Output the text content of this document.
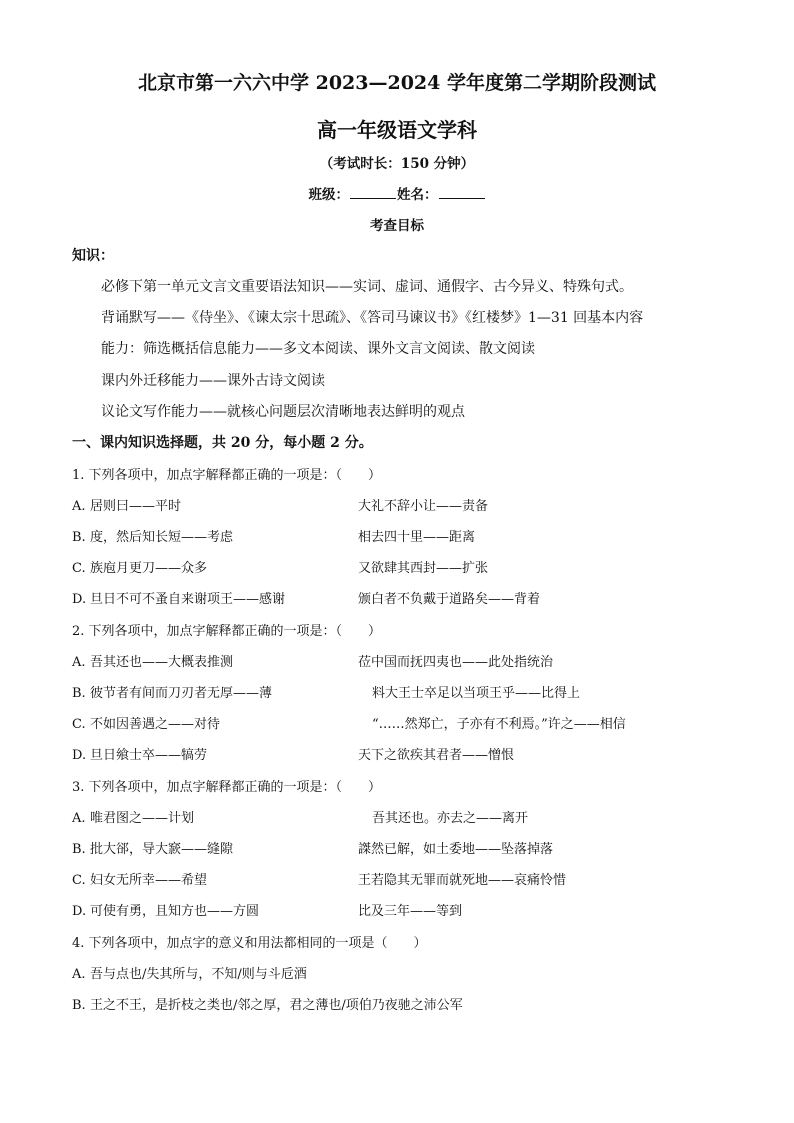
北京市第一六六中学 2023—2024 学年度第二学期阶段测试
高一年级语文学科
（考试时长：150 分钟）
班级：	姓名：
考查目标
知识：
必修下第一单元文言文重要语法知识——实词、虚词、通假字、古今异义、特殊句式。
背诵默写——《侍坐》、《谏太宗十思疏》、《答司马谏议书》《红楼梦》1—31 回基本内容
能力：筛选概括信息能力——多文本阅读、课外文言文阅读、散文阅读
课内外迁移能力——课外古诗文阅读
议论文写作能力——就核心问题层次清晰地表达鲜明的观点
一、课内知识选择题，共 20 分，每小题 2 分。
1. 下列各项中，加点字解释都正确的一项是：（　　）
A. 居则曰——平时	大礼不辞小让——责备
B. 度，然后知长短——考虑	相去四十里——距离
C. 族庖月更刀——众多	又欲肆其西封——扩张
D. 旦日不可不蚤自来谢项王——感谢	颁白者不负戴于道路矣——背着
2. 下列各项中，加点字解释都正确的一项是：（　　）
A. 吾其还也——大概表推测	莅中国而抚四夷也——此处指统治
B. 彼节者有间而刀刃者无厚——薄	料大王士卒足以当项王乎——比得上
C. 不如因善遇之——对待	“……然郑亡，子亦有不利焉。”许之——相信
D. 旦日飨士卒——犒劳	天下之欲疾其君者——憎恨
3. 下列各项中，加点字解释都正确的一项是：（　　）
A. 唯君图之——计划	吾其还也。亦去之——离开
B. 批大郤，导大窾——缝隙	謋然已解，如土委地——坠落掉落
C. 妇女无所幸——希望	王若隐其无罪而就死地——哀痛怜惜
D. 可使有勇，且知方也——方圆	比及三年——等到
4. 下列各项中，加点字的意义和用法都相同的一项是（　　）
A. 吾与点也/失其所与，不知/则与斗卮酒
B. 王之不王，是折枝之类也/邻之厚，君之薄也/项伯乃夜驰之沛公军
